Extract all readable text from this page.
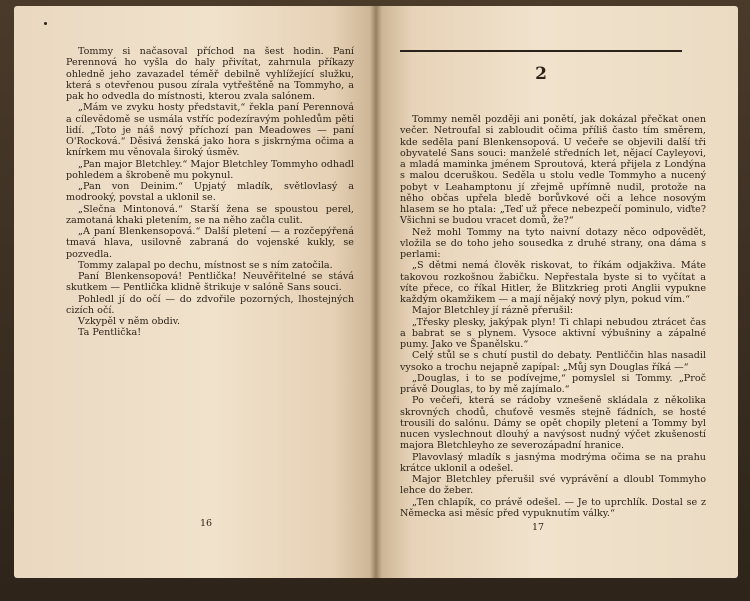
Tommy si načasoval příchod na šest hodin. Paní Perennová ho vyšla do haly přivítat, zahrnula příkazy ohledně jeho zavazadel téměř debilně vyhlížející služku, která s otevřenou pusou zírala vytřeštěně na Tommyho, a pak ho odvedla do místnosti, kterou zvala salónem.

„Mám ve zvyku hosty představit,“ řekla paní Perennová a cílevědomě se usmála vstříc podezíravým pohledům pěti lidí. „Toto je náš nový příchozí pan Meadowes — paní O'Rocková.“ Děsivá ženská jako hora s jiskrnýma očima a knírkem mu věnovala široký úsměv.

„Pan major Bletchley.“ Major Bletchley Tommyho odhadl pohledem a škrobeně mu pokynul.

„Pan von Deinim.“ Upjatý mladík, světlovlasý a modrooký, povstal a uklonil se.

„Slečna Mintonová.“ Starší žena se spoustou perel, zamotaná khaki pletením, se na něho začla culit.

„A paní Blenkensopová.“ Další pletení — a rozčepýřená tmavá hlava, usilovně zabraná do vojenské kukly, se pozvedla.

Tommy zalapal po dechu, místnost se s ním zatočila.

Paní Blenkensopová! Pentlička! Neuvěřitelné se stává skutkem — Pentlička klidně štrikuje v salóně Sans souci.

Pohledl jí do očí — do zdvořile pozorných, lhostejných cizích očí.

Vzkypěl v něm obdiv.

Ta Pentlička!

16
2

Tommy neměl později ani ponětí, jak dokázal přečkat onen večer. Netroufal si zabloudit očima příliš často tím směrem, kde seděla paní Blenkensopová. U večeře se objevili další tři obyvatelé Sans souci: manželé středních let, nějací Cayleyovi, a mladá maminka jménem Sproutová, která přijela z Londýna s malou dceruškou. Seděla u stolu vedle Tommyho a nucený pobyt v Leahamptonu jí zřejmě upřímně nudil, protože na něho občas upřela bledě borůvkové oči a lehce nosovým hlasem se ho ptala: „Teď už přece nebezpečí pominulo, viďte? Všichni se budou vracet domů, že?“

Než mohl Tommy na tyto naivní dotazy něco odpovědět, vložila se do toho jeho sousedka z druhé strany, ona dáma s perlami:

„S dětmi nemá člověk riskovat, to říkám odjakživa. Máte takovou rozkošnou žabičku. Nepřestala byste si to vyčítat a víte přece, co říkal Hitler, že Blitzkrieg proti Anglii vypukne každým okamžikem — a mají nějaký nový plyn, pokud vím.“

Major Bletchley jí rázně přerušil:

„Třesky plesky, jakýpak plyn! Ti chlapi nebudou ztrácet čas a babrat se s plynem. Vysoce aktivní výbušniny a zápalné pumy. Jako ve Španělsku.“

Celý stůl se s chutí pustil do debaty. Pentliččin hlas nasadil vysoko a trochu nejapně zapípal: „Můj syn Douglas říká —“

„Douglas, i to se podívejme,“ pomyslel si Tommy. „Proč právě Douglas, to by mě zajímalo.“

Po večeři, která se rádoby vznešeně skládala z několika skrovných chodů, chuťově vesměs stejně fádních, se hosté trousili do salónu. Dámy se opět chopily pletení a Tommy byl nucen vyslechnout dlouhý a navýsost nudný výčet zkušeností majora Bletchleyho ze severozápadní hranice.

Plavovlasý mladík s jasnýma modrýma očima se na prahu krátce uklonil a odešel.

Major Bletchley přerušil své vyprávění a dloubl Tommyho lehce do žeber.

„Ten chlapík, co právě odešel. — Je to uprchlík. Dostal se z Německa asi měsíc před vypuknutím války.“

17
